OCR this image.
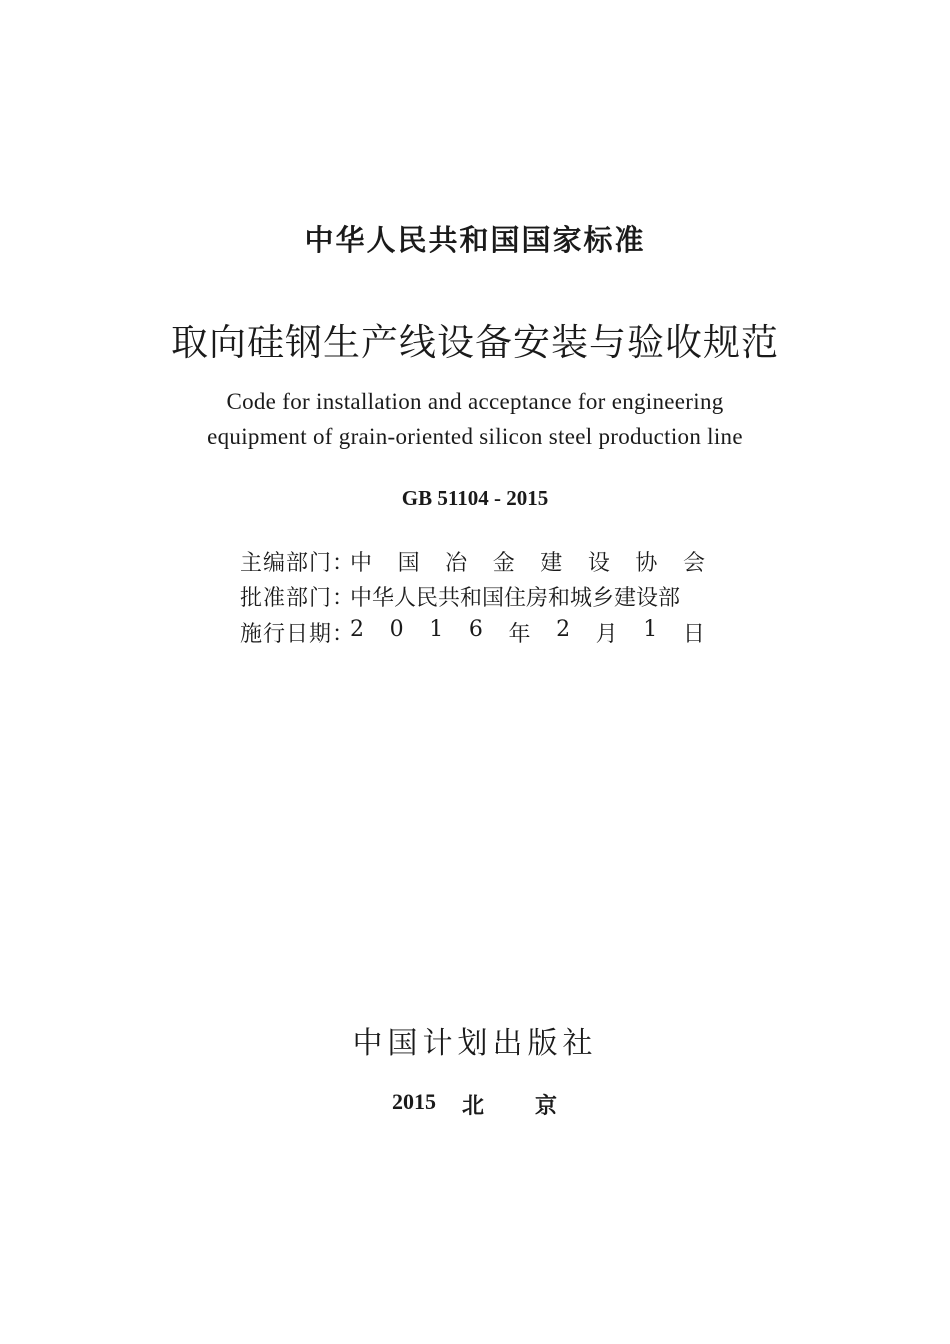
中华人民共和国国家标准
取向硅钢生产线设备安装与验收规范
Code for installation and acceptance for engineering
equipment of grain-oriented silicon steel production line
GB 51104 - 2015
主编部门：
中 国 冶 金 建 设 协 会
批准部门：
中华人民共和国住房和城乡建设部
施行日期：
2 0 1 6 年 2 月 1 日
中国计划出版社
2015 北 京
